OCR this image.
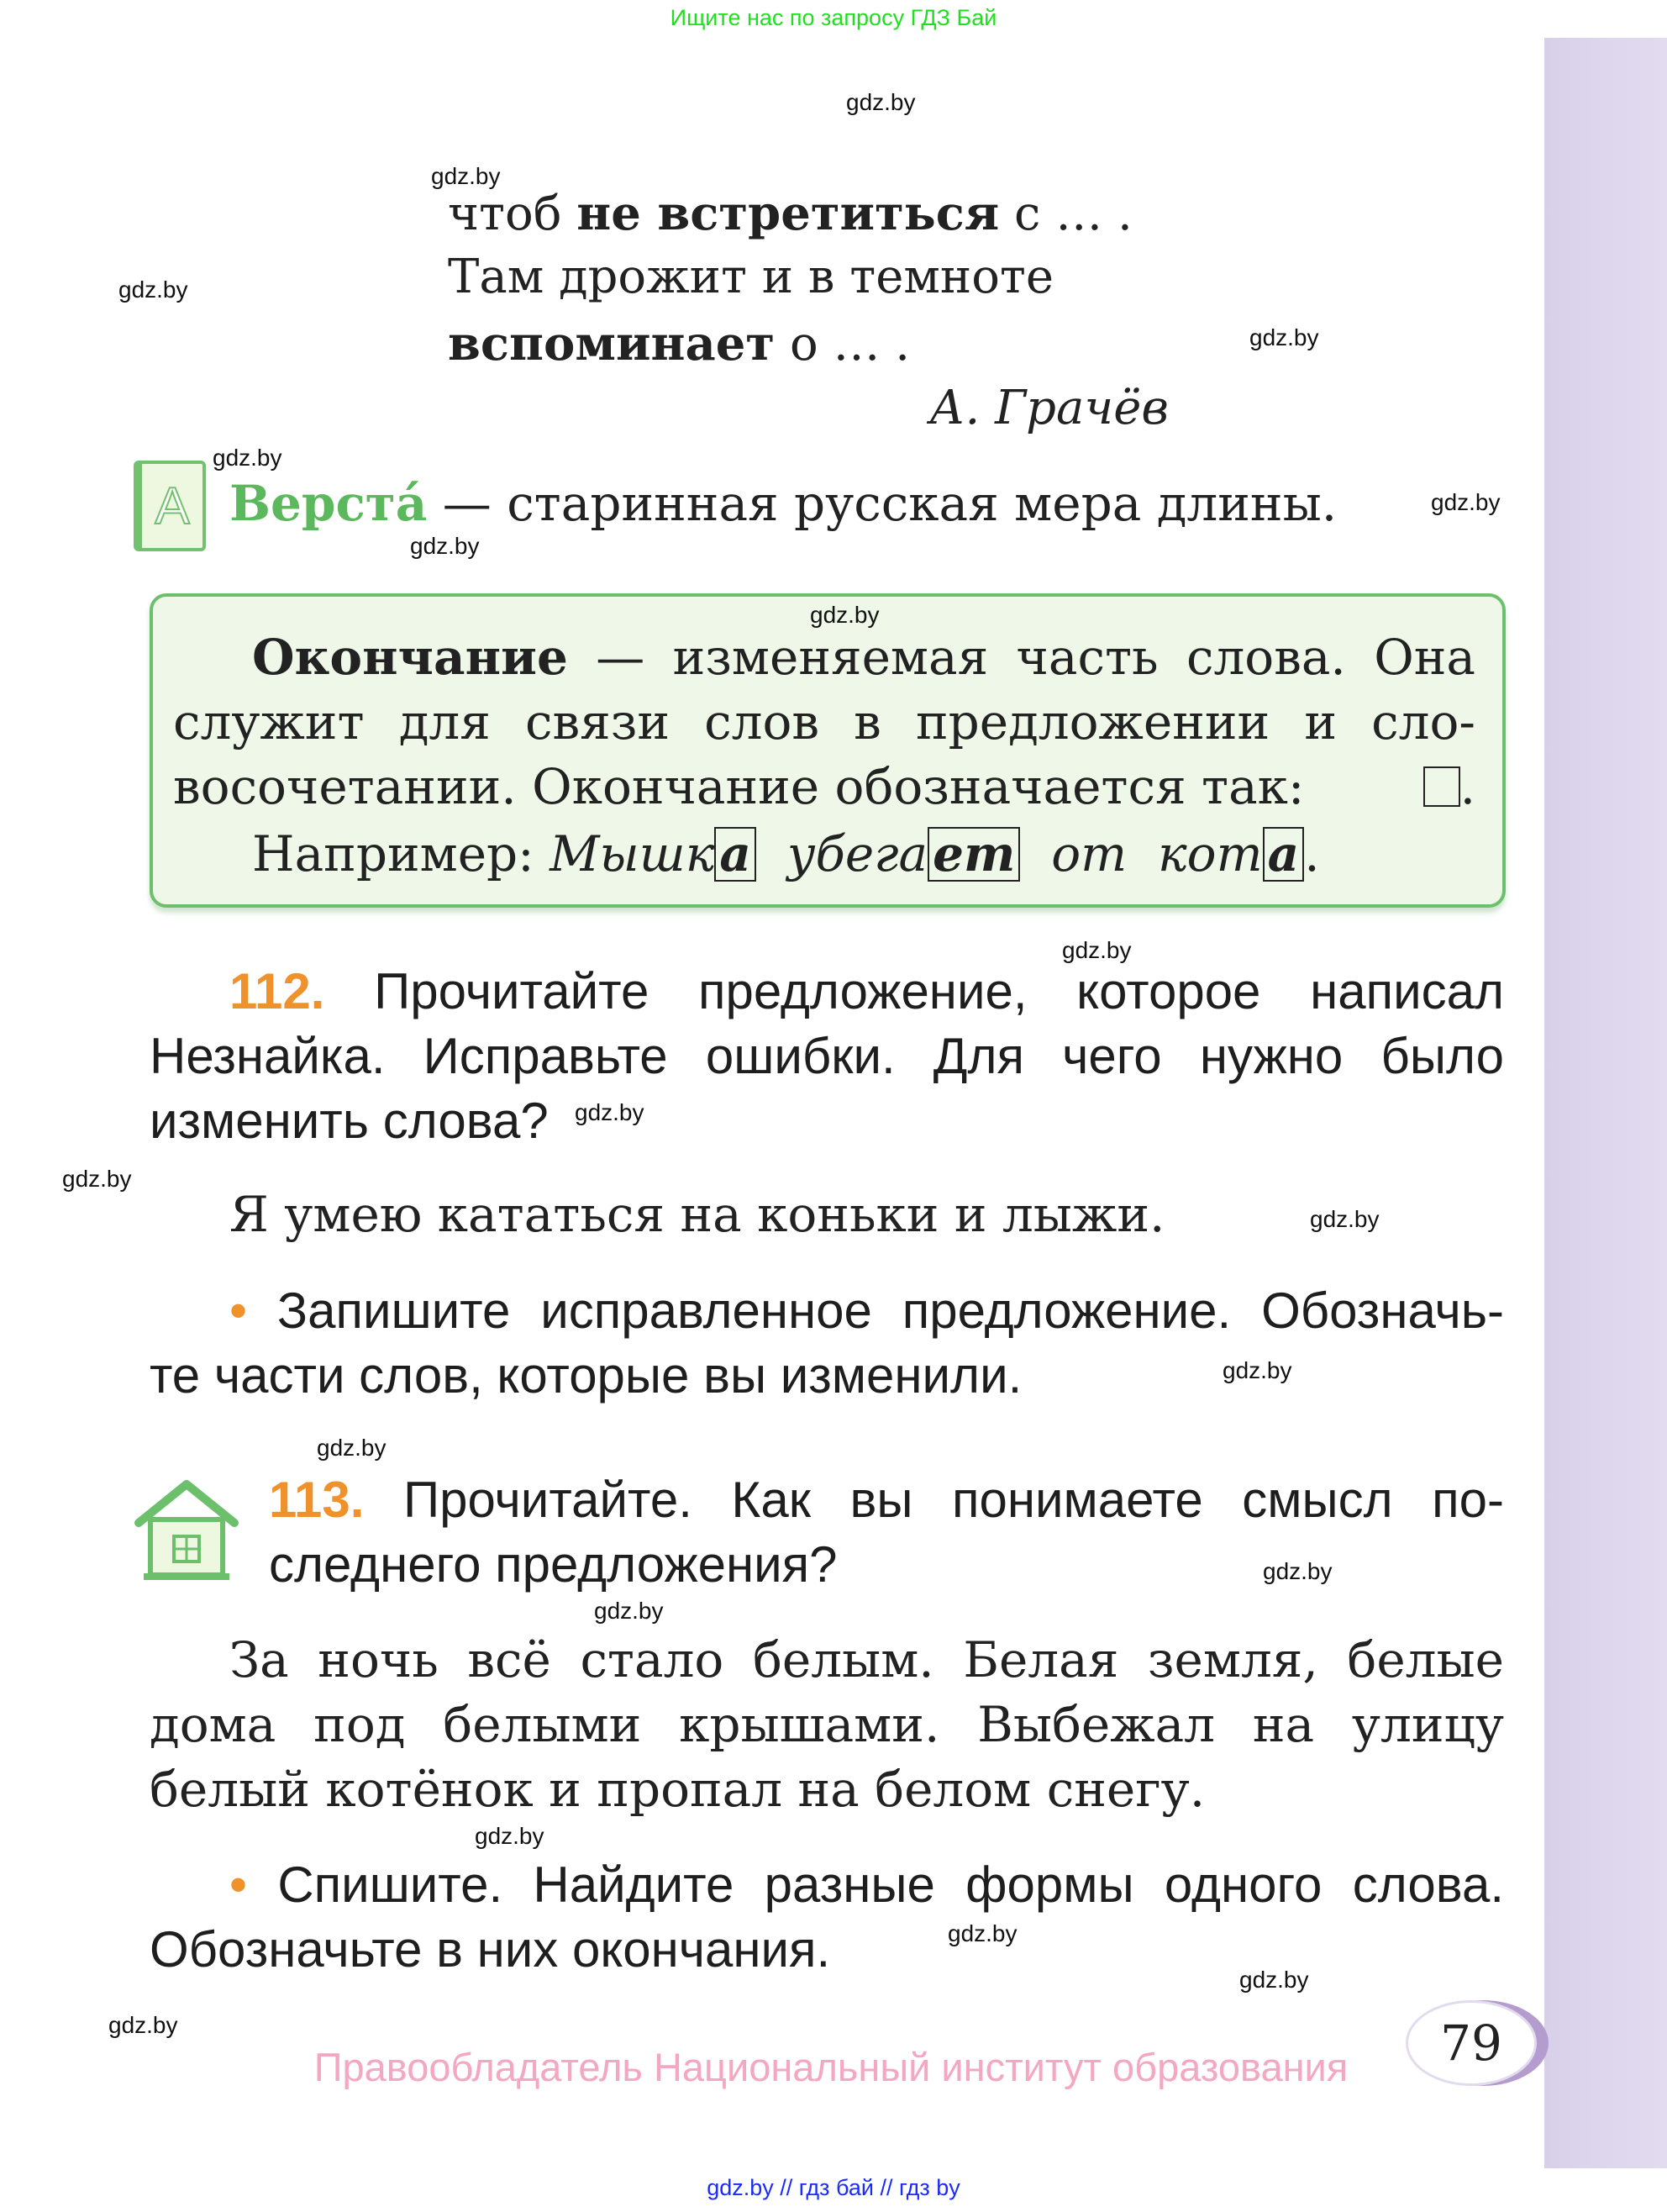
Ищите нас по запросу ГДЗ Бай
чтоб не встретиться с … .
Там дрожит и в темноте
вспоминает о … .
А. Грачёв
А Верста́ — старинная русская мера длины.
Окончание — изменяемая часть слова. Она
служит для связи слов в предложении и сло-
восочетании. Окончание обозначается так:	.
Например: Мышк а убега ет от кот а .
112. Прочитайте предложение, которое написал
Незнайка. Исправьте ошибки. Для чего нужно было
изменить слова?
Я умею кататься на коньки и лыжи.
• Запишите исправленное предложение. Обозначь-
те части слов, которые вы изменили.
113. Прочитайте. Как вы понимаете смысл по-
следнего предложения?
За ночь всё стало белым. Белая земля, белые
дома под белыми крышами. Выбежал на улицу
белый котёнок и пропал на белом снегу.
• Спишите. Найдите разные формы одного слова.
Обозначьте в них окончания.
Правообладатель Национальный институт образования	79
gdz.by // гдз бай // гдз by
gdz.by
gdz.by
gdz.by
gdz.by
gdz.by
gdz.by
gdz.by
gdz.by
gdz.by
gdz.by
gdz.by
gdz.by
gdz.by
gdz.by
gdz.by
gdz.by
gdz.by
gdz.by
gdz.by
gdz.by
